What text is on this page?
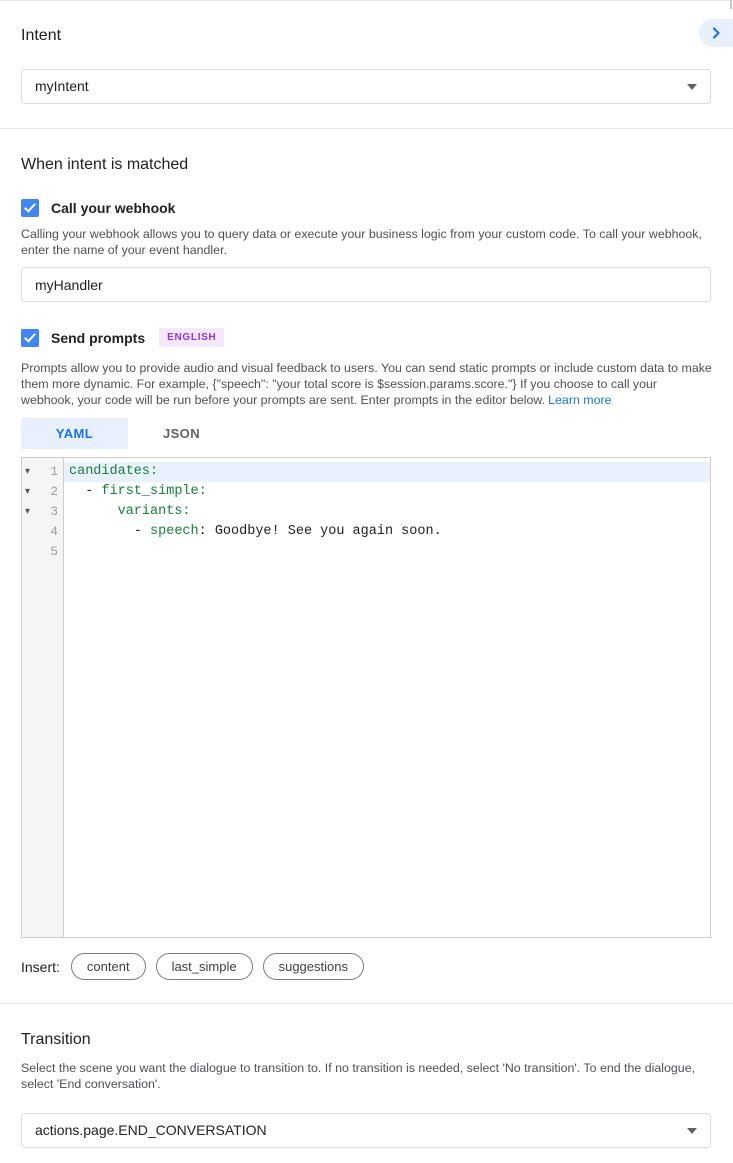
Intent
myIntent
When intent is matched
Call your webhook

Calling your webhook allows you to query data or execute your business logic from your custom code. To call your webhook, enter the name of your event handler.

myHandler
Send prompts	ENGLISH

Prompts allow you to provide audio and visual feedback to users. You can send static prompts or include custom data to make them more dynamic. For example, {"speech": "your total score is $session.params.score."} If you choose to call your webhook, your code will be run before your prompts are sent. Enter prompts in the editor below. Learn more

YAML	JSON
▾ 1
▾ 2
▾ 3
4
5
candidates:
- first_simple:
variants:
- speech: Goodbye! See you again soon.
Insert:	content	last_simple	suggestions
Transition

Select the scene you want the dialogue to transition to. If no transition is needed, select 'No transition'. To end the dialogue, select 'End conversation'.

actions.page.END_CONVERSATION
